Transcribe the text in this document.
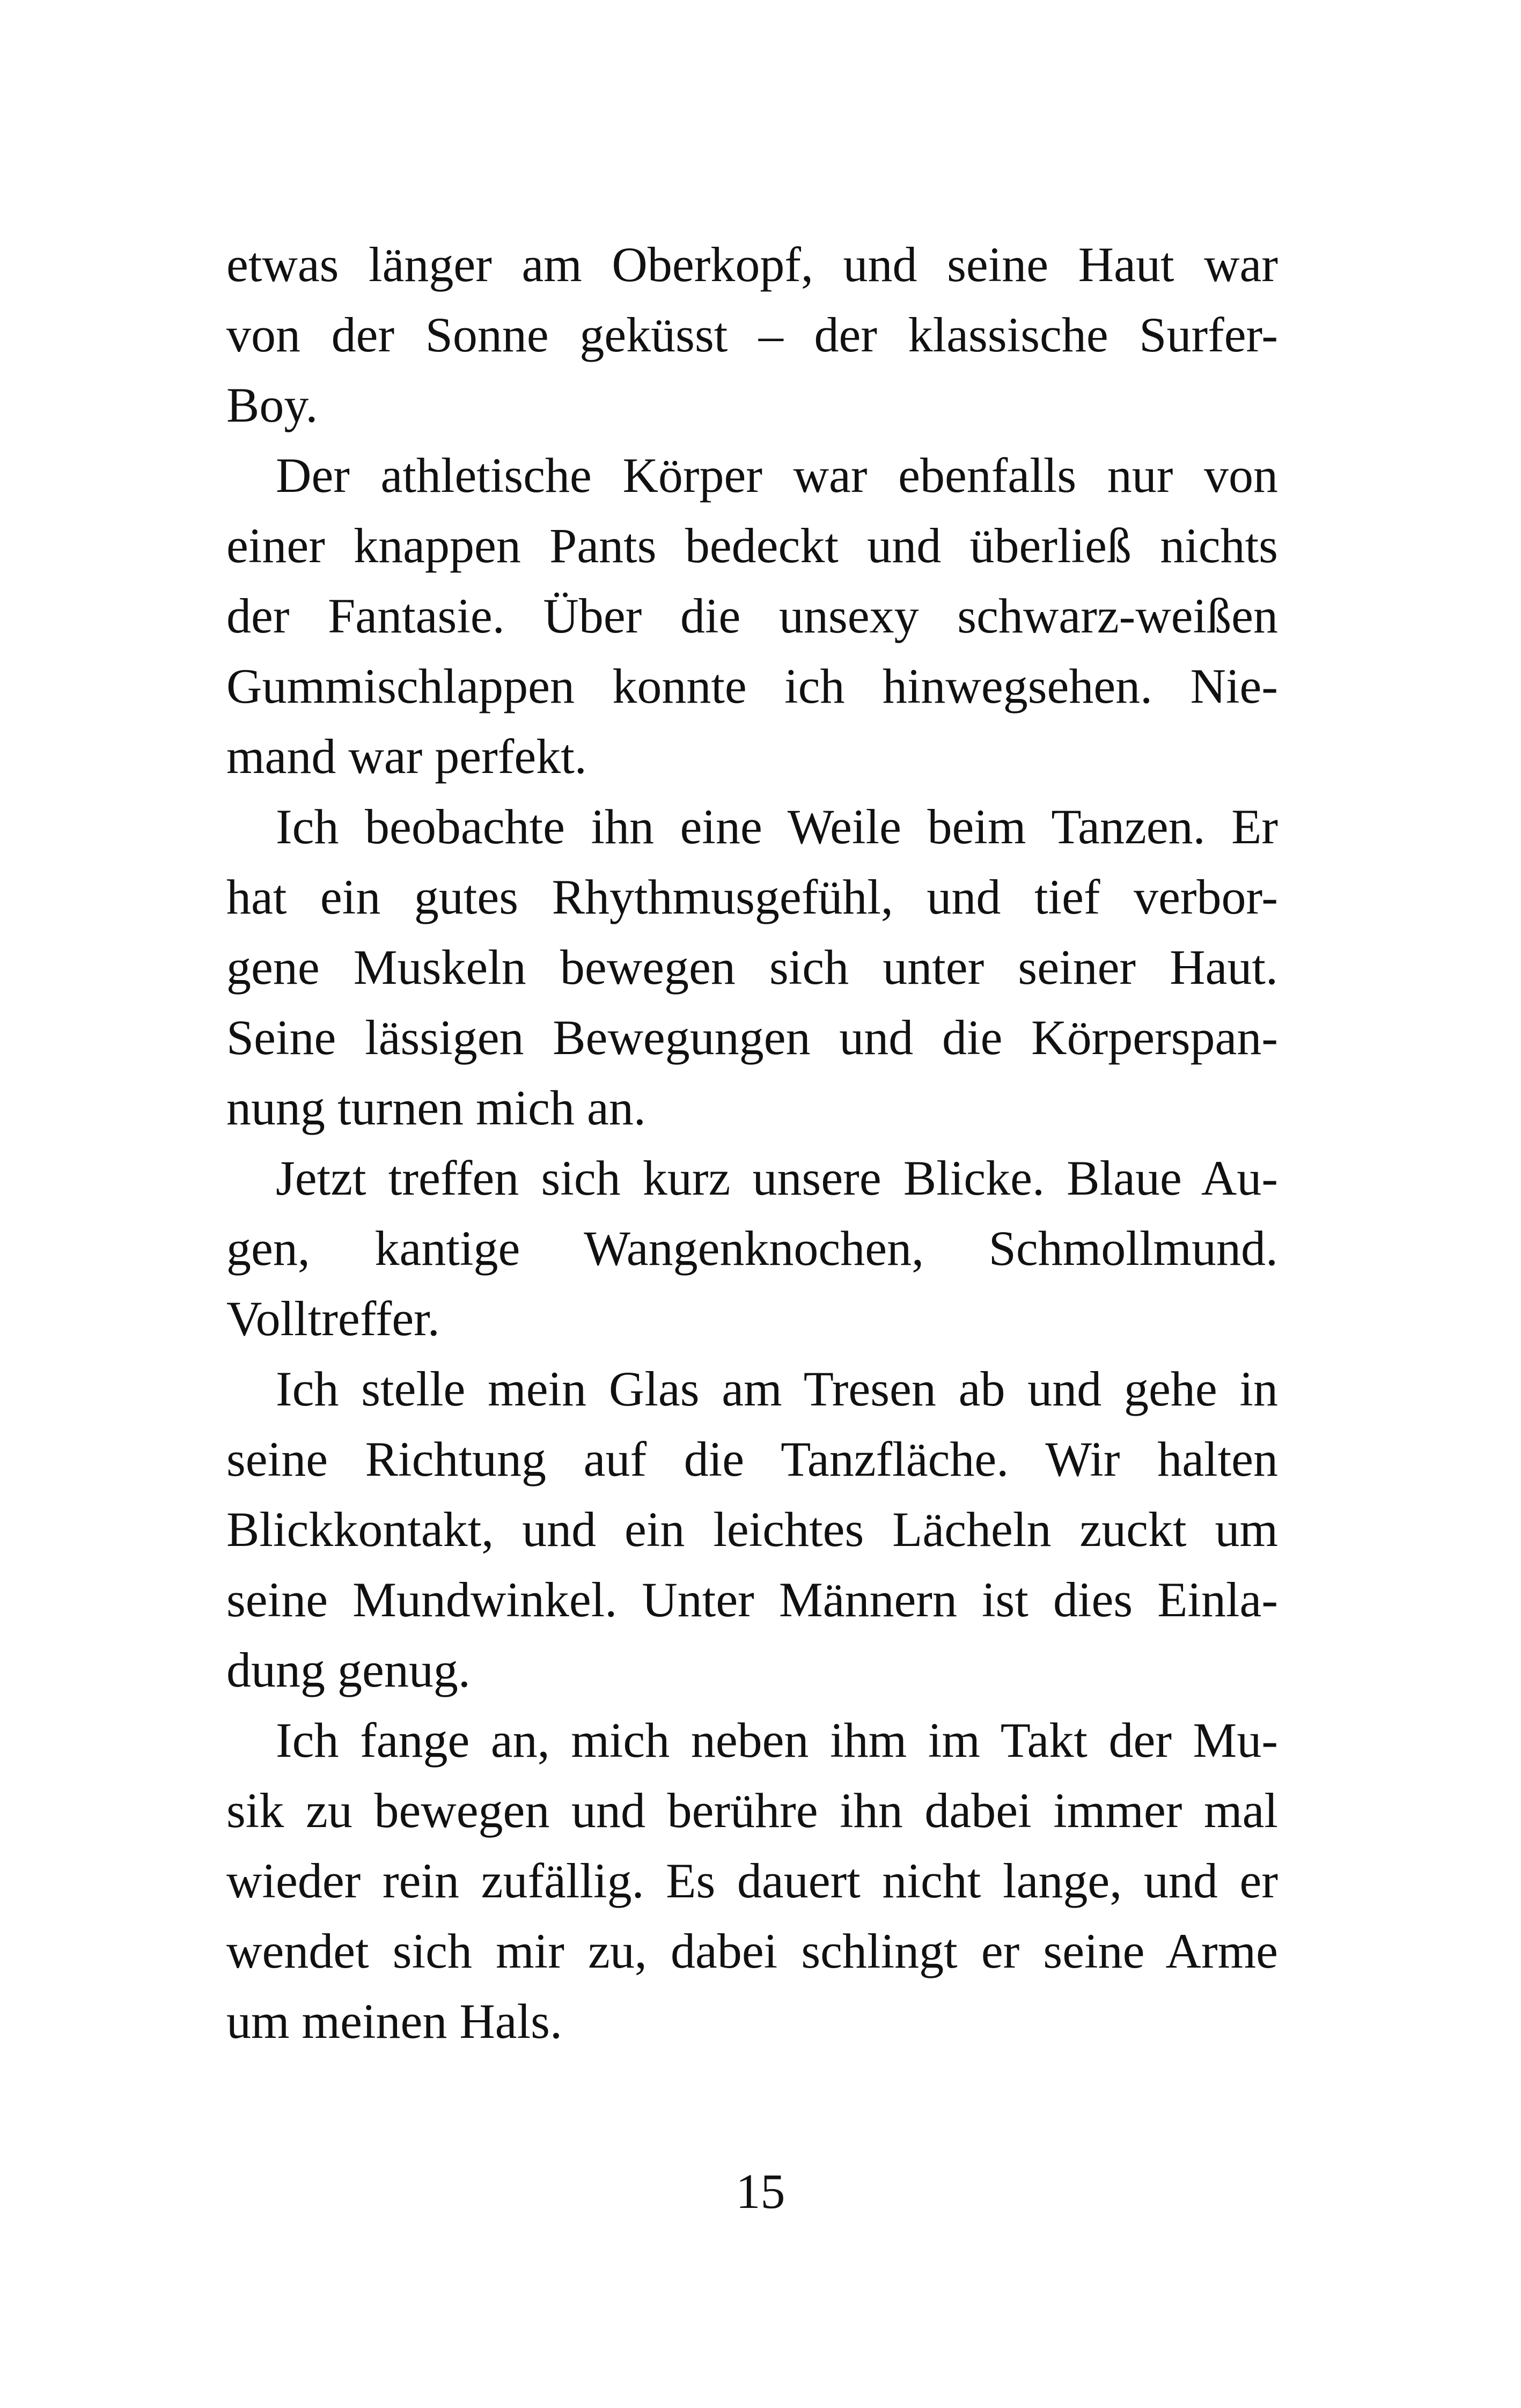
etwas länger am Oberkopf, und seine Haut war
von der Sonne geküsst – der klassische Surfer-
Boy.
Der athletische Körper war ebenfalls nur von
einer knappen Pants bedeckt und überließ nichts
der Fantasie. Über die unsexy schwarz-weißen
Gummischlappen konnte ich hinwegsehen. Nie-
mand war perfekt.
Ich beobachte ihn eine Weile beim Tanzen. Er
hat ein gutes Rhythmusgefühl, und tief verbor-
gene Muskeln bewegen sich unter seiner Haut.
Seine lässigen Bewegungen und die Körperspan-
nung turnen mich an.
Jetzt treffen sich kurz unsere Blicke. Blaue Au-
gen, kantige Wangenknochen, Schmollmund.
Volltreffer.
Ich stelle mein Glas am Tresen ab und gehe in
seine Richtung auf die Tanzfläche. Wir halten
Blickkontakt, und ein leichtes Lächeln zuckt um
seine Mundwinkel. Unter Männern ist dies Einla-
dung genug.
Ich fange an, mich neben ihm im Takt der Mu-
sik zu bewegen und berühre ihn dabei immer mal
wieder rein zufällig. Es dauert nicht lange, und er
wendet sich mir zu, dabei schlingt er seine Arme
um meinen Hals.
15
